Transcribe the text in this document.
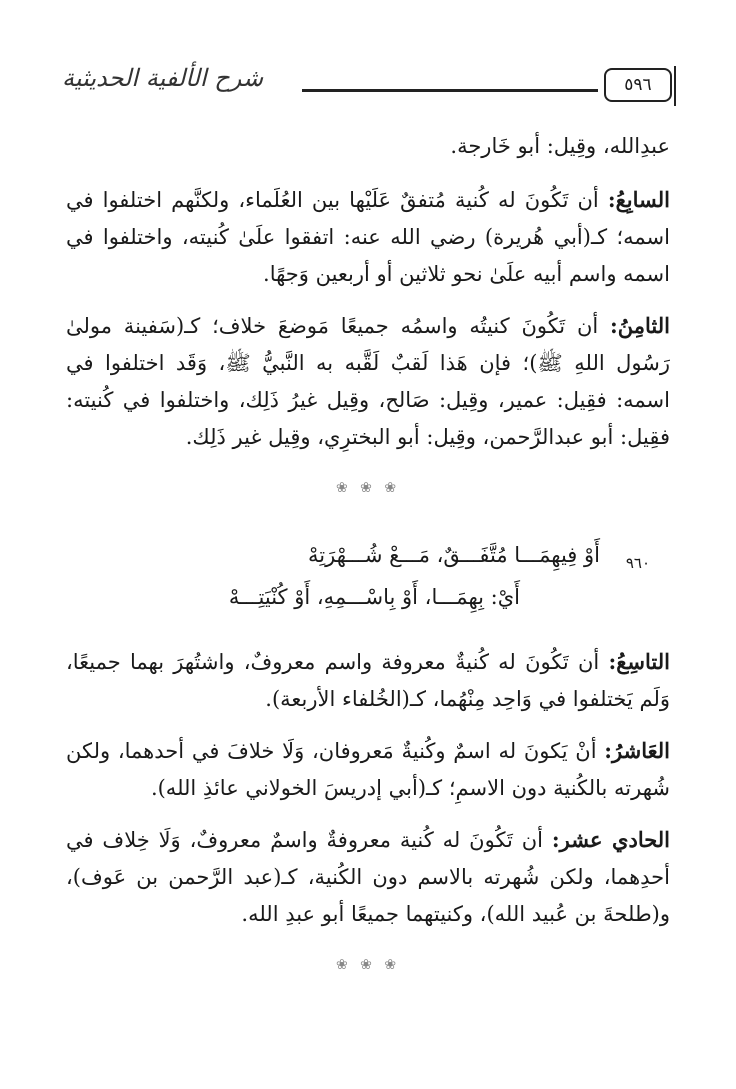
٥٩٦
شرح الألفية الحديثية

عبدِالله، وقِيل: أبو خَارجة.

السابِعُ: أن تَكُونَ له كُنية مُتفقٌ عَلَيْها بين العُلَماء، ولكنَّهم اختلفوا في اسمه؛ كـ(أبي هُريرة) رضي الله عنه: اتفقوا علَىٰ كُنيته، واختلفوا في اسمه واسم أبيه علَىٰ نحو ثلاثين أو أربعين وَجهًا.

الثامِنُ: أن تَكُونَ كنيتُه واسمُه جميعًا مَوضعَ خلاف؛ كـ(سَفينة مولىٰ رَسُول اللهِ ﷺ)؛ فإن هَذا لَقبٌ لَقَّبه به النَّبيُّ ﷺ، وَقَد اختلفوا في اسمه: فقِيل: عمير، وقِيل: صَالح، وقِيل غيرُ ذَلِك، واختلفوا في كُنيته: فقِيل: أبو عبدالرَّحمن، وقِيل: أبو البخترِي، وقِيل غير ذَلِك.

❀ ❀ ❀
٩٦٠
أَوْ فِيهِمَـــا مُتَّفَـــقٌ، مَـــعْ شُـــهْرَتِهْ
أَيْ: بِهِمَـــا، أَوْ بِاسْـــمِهِ، أَوْ كُنْيَتِـــهْ

التاسِعُ: أن تَكُونَ له كُنيةٌ معروفة واسم معروفٌ، واشتُهرَ بهما جميعًا، وَلَم يَختلفوا في وَاحِد مِنْهُما، كـ(الخُلفاء الأربعة).

العَاشرُ: أنْ يَكونَ له اسمٌ وكُنيةٌ مَعروفان، وَلَا خلافَ في أحدهما، ولكن شُهرته بالكُنية دون الاسمِ؛ كـ(أبي إدريسَ الخولاني عائذِ الله).

الحادي عشر: أن تَكُونَ له كُنية معروفةٌ واسمٌ معروفٌ، وَلَا خِلاف في أحدِهما، ولكن شُهرته بالاسم دون الكُنية، كـ(عبد الرَّحمن بن عَوف)، و(طلحةَ بن عُبيد الله)، وكنيتهما جميعًا أبو عبدِ الله.

❀ ❀ ❀
